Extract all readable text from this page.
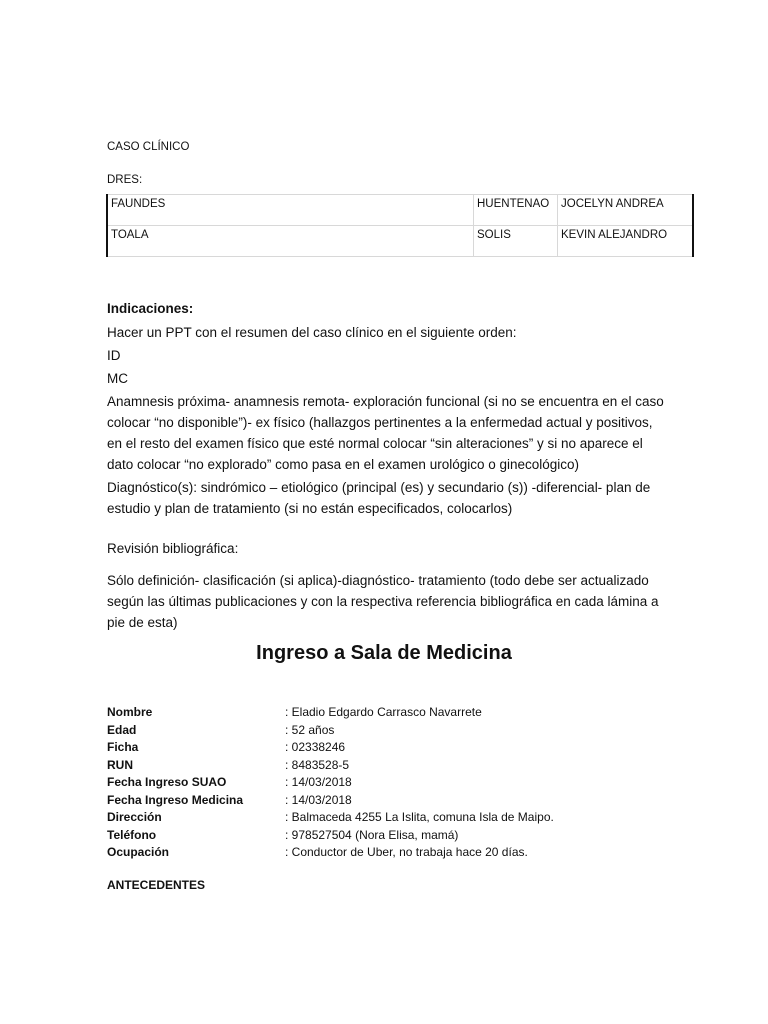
CASO CLÍNICO
DRES:
FAUNDES	HUENTENAO	JOCELYN ANDREA
TOALA	SOLIS	KEVIN ALEJANDRO
Indicaciones:

Hacer un PPT con el resumen del caso clínico en el siguiente orden:

ID

MC

Anamnesis próxima- anamnesis remota- exploración funcional (si no se encuentra en el caso colocar “no disponible”)- ex físico (hallazgos pertinentes a la enfermedad actual y positivos, en el resto del examen físico que esté normal colocar “sin alteraciones” y si no aparece el dato colocar “no explorado” como pasa en el examen urológico o ginecológico)

Diagnóstico(s): sindrómico – etiológico (principal (es) y secundario (s)) -diferencial- plan de estudio y plan de tratamiento (si no están especificados, colocarlos)

Revisión bibliográfica:
Sólo definición- clasificación (si aplica)-diagnóstico- tratamiento (todo debe ser actualizado según las últimas publicaciones y con la respectiva referencia bibliográfica en cada lámina a pie de esta)
Ingreso a Sala de Medicina
Nombre	: Eladio Edgardo Carrasco Navarrete
Edad	: 52 años
Ficha	: 02338246
RUN	: 8483528-5
Fecha Ingreso SUAO	: 14/03/2018
Fecha Ingreso Medicina	: 14/03/2018
Dirección	: Balmaceda 4255 La Islita, comuna Isla de Maipo.
Teléfono	: 978527504 (Nora Elisa, mamá)
Ocupación	: Conductor de Uber, no trabaja hace 20 días.
ANTECEDENTES
